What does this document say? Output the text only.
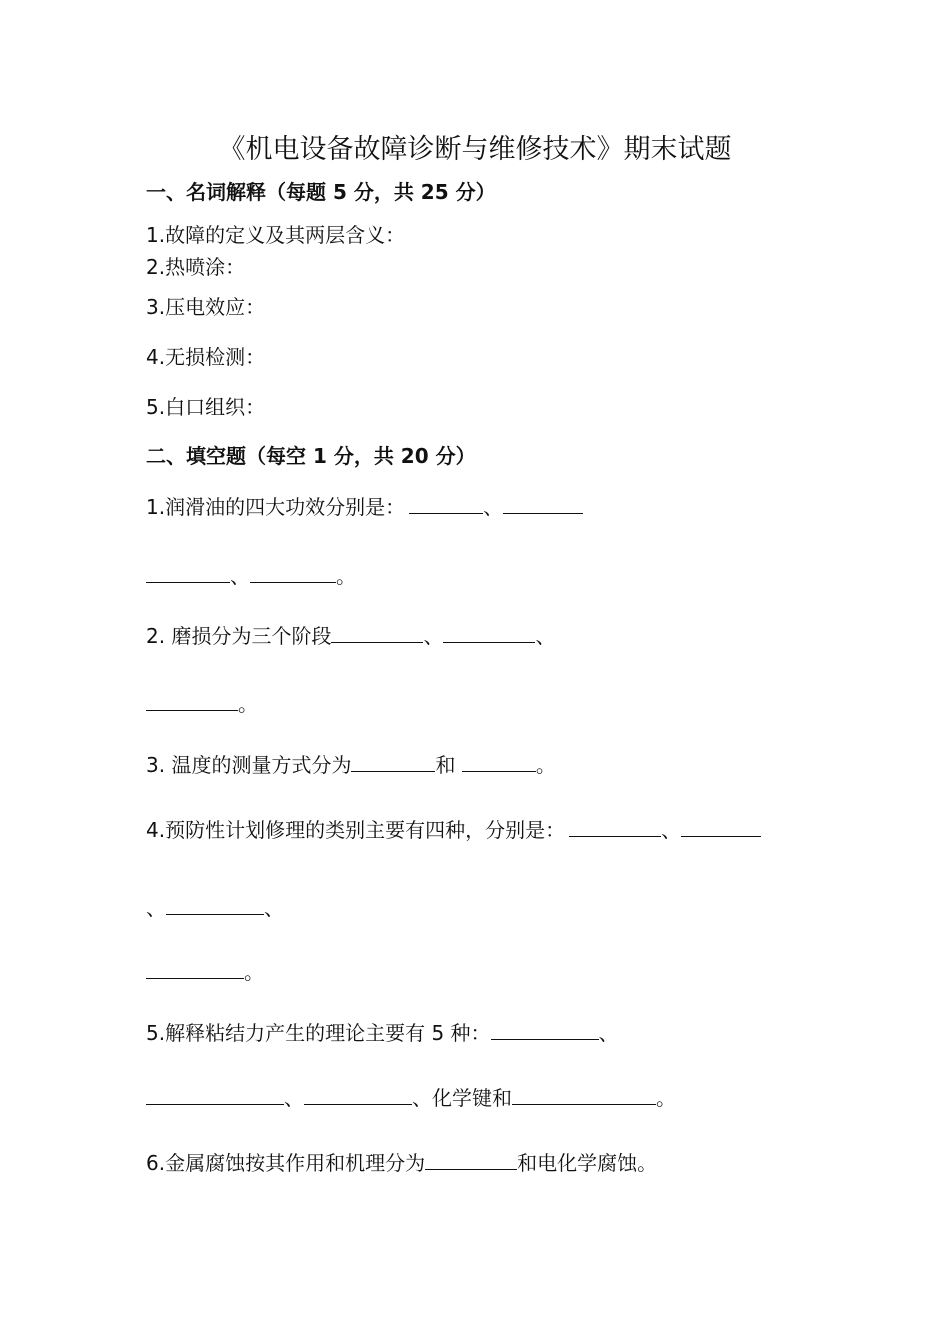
《机电设备故障诊断与维修技术》期末试题
一、名词解释（每题 5 分，共 25 分）
1.故障的定义及其两层含义：
2.热喷涂：
3.压电效应：
4.无损检测：
5.白口组织：
二、填空题（每空 1 分，共 20 分）
1.润滑油的四大功效分别是：	、
、	。
2. 磨损分为三个阶段	、	、
。
3. 温度的测量方式分为	和	。
4.预防性计划修理的类别主要有四种，分别是：	、
、	、
。
5.解释粘结力产生的理论主要有 5 种：	、
、	、化学键和	。
6.金属腐蚀按其作用和机理分为	和电化学腐蚀。
